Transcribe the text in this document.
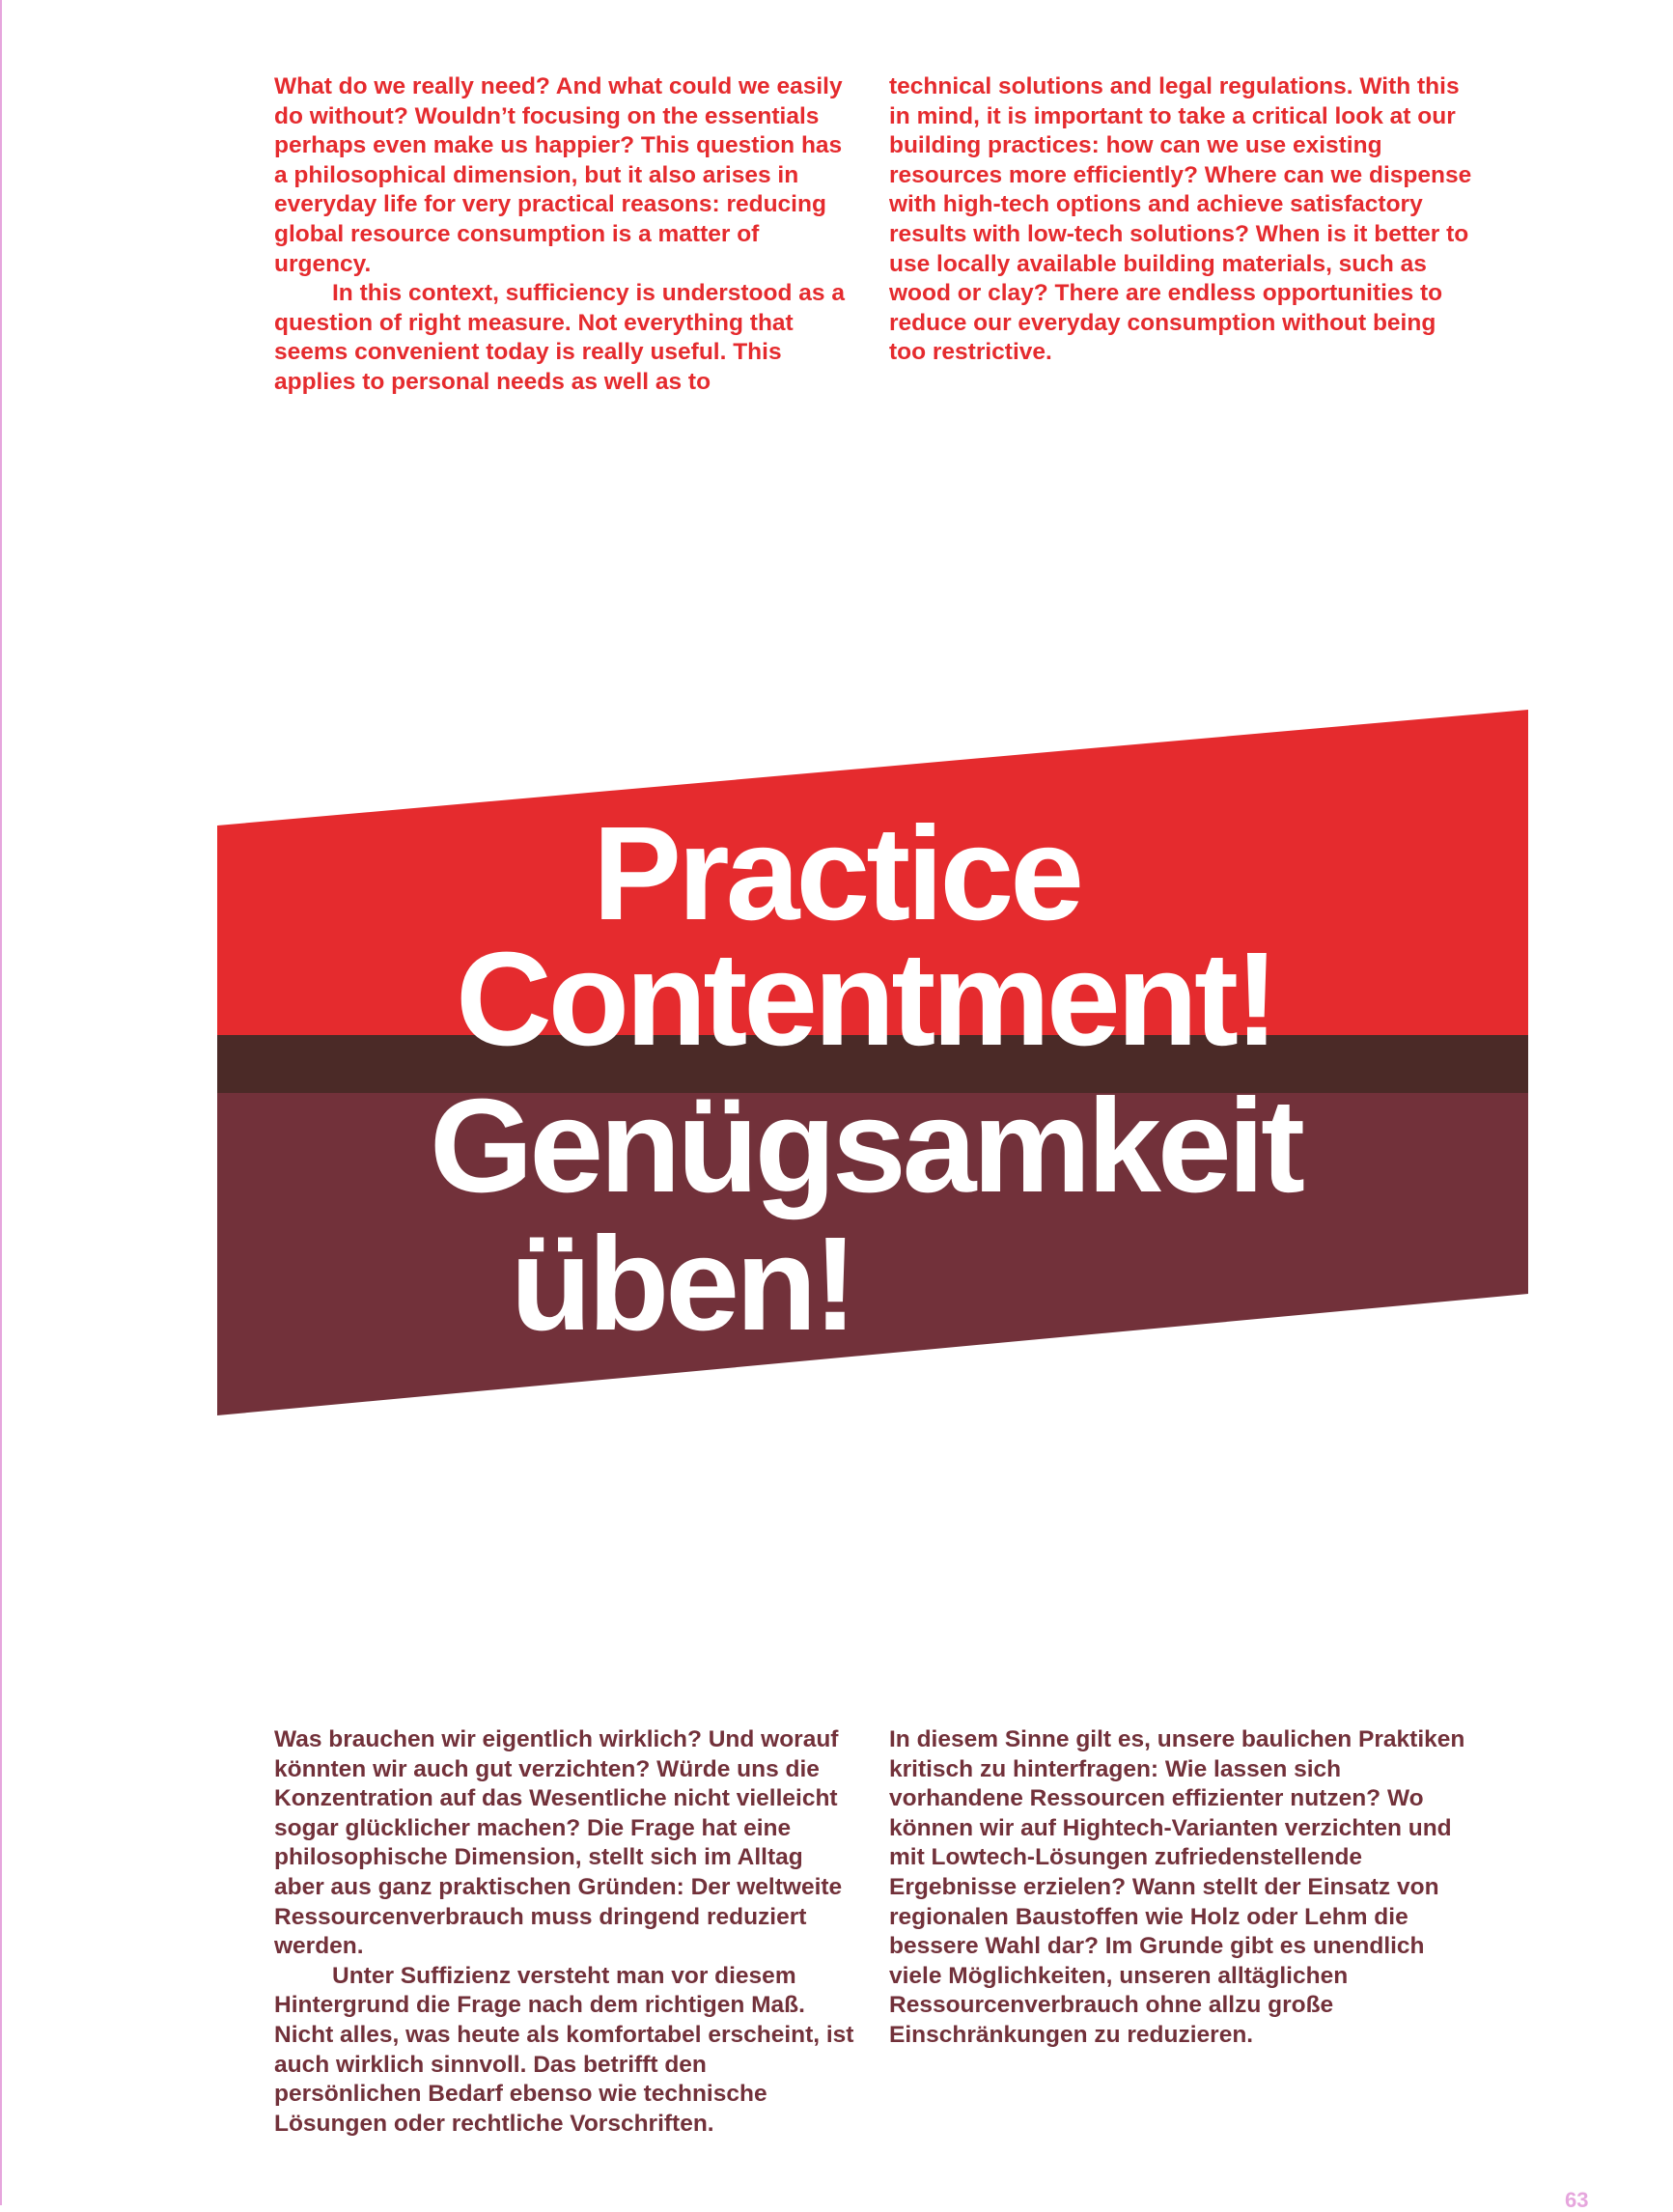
What do we really need? And what could we easily do without? Wouldn’t focusing on the essentials perhaps even make us happier? This question has a philosophical dimension, but it also arises in everyday life for very practical reasons: reducing global resource consumption is a matter of urgency.

In this context, sufficiency is understood as a question of right measure. Not everything that seems convenient today is really useful. This applies to personal needs as well as to

technical solutions and legal regulations. With this in mind, it is important to take a critical look at our building practices: how can we use existing resources more efficiently? Where can we dispense with high-tech options and achieve satisfactory results with low-tech solutions? When is it better to use locally available building materials, such as wood or clay? There are endless opportunities to reduce our everyday consumption without being too restrictive.

Practice
Contentment!
Genügsamkeit
üben!

Was brauchen wir eigentlich wirklich? Und worauf könnten wir auch gut verzichten? Würde uns die Konzentration auf das Wesentliche nicht vielleicht sogar glücklicher machen? Die Frage hat eine philosophische Dimension, stellt sich im Alltag aber aus ganz praktischen Gründen: Der weltweite Ressourcenverbrauch muss dringend reduziert werden.

Unter Suffizienz versteht man vor diesem Hintergrund die Frage nach dem richtigen Maß. Nicht alles, was heute als komfortabel erscheint, ist auch wirklich sinnvoll. Das betrifft den persönlichen Bedarf ebenso wie technische Lösungen oder rechtliche Vorschriften.

In diesem Sinne gilt es, unsere baulichen Praktiken kritisch zu hinterfragen: Wie lassen sich vorhandene Ressourcen effizienter nutzen? Wo können wir auf Hightech-Varianten verzichten und mit Lowtech-Lösungen zufriedenstellende Ergebnisse erzielen? Wann stellt der Einsatz von regionalen Baustoffen wie Holz oder Lehm die bessere Wahl dar? Im Grunde gibt es unendlich viele Möglichkeiten, unseren alltäglichen Ressourcenverbrauch ohne allzu große Einschränkungen zu reduzieren.

63
